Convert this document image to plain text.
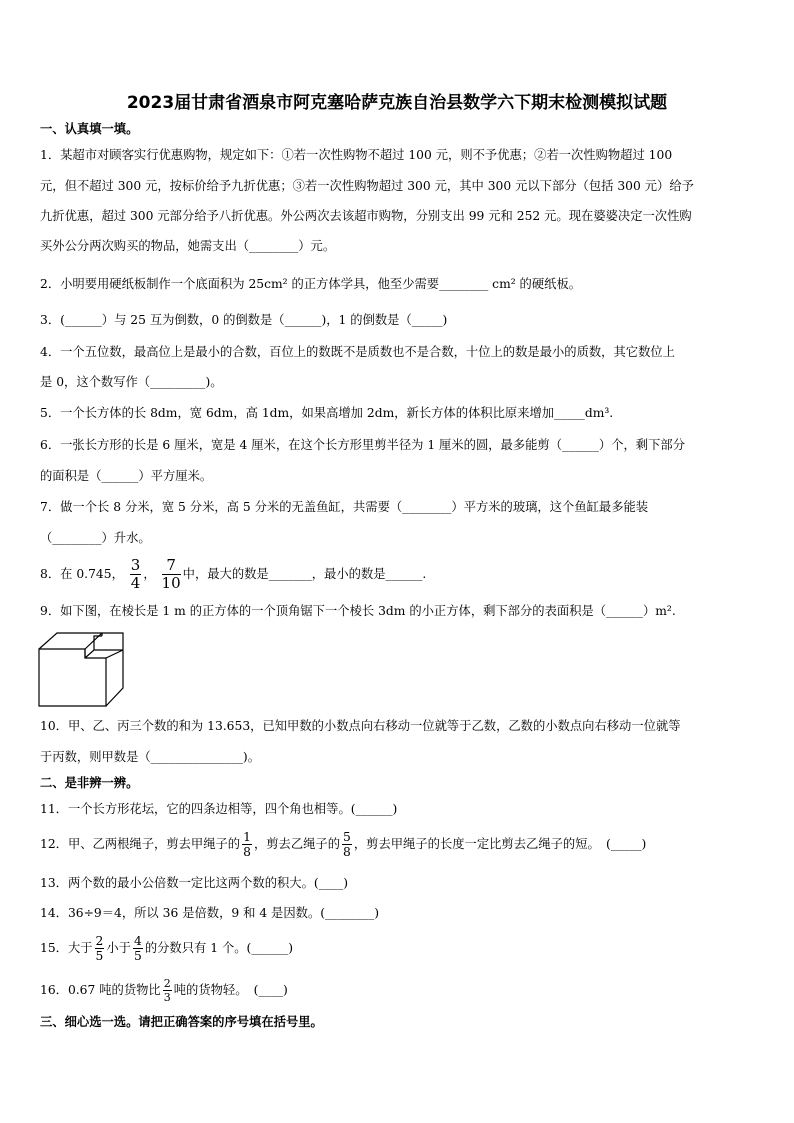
2023届甘肃省酒泉市阿克塞哈萨克族自治县数学六下期末检测模拟试题
一、认真填一填。
1．某超市对顾客实行优惠购物，规定如下：①若一次性购物不超过 100 元，则不予优惠；②若一次性购物超过 100
元，但不超过 300 元，按标价给予九折优惠；③若一次性购物超过 300 元，其中 300 元以下部分（包括 300 元）给予
九折优惠，超过 300 元部分给予八折优惠。外公两次去该超市购物，分别支出 99 元和 252 元。现在婆婆决定一次性购
买外公分两次购买的物品，她需支出（________）元。
2．小明要用硬纸板制作一个底面积为 25cm² 的正方体学具，他至少需要________ cm² 的硬纸板。
3．(______）与 25 互为倒数，0 的倒数是（______)，1 的倒数是（_____)
4．一个五位数，最高位上是最小的合数，百位上的数既不是质数也不是合数，十位上的数是最小的质数，其它数位上
是 0，这个数写作（_________)。
5．一个长方体的长 8dm，宽 6dm，高 1dm，如果高增加 2dm，新长方体的体积比原来增加_____dm³.
6．一张长方形的长是 6 厘米，宽是 4 厘米，在这个长方形里剪半径为 1 厘米的圆，最多能剪（______）个，剩下部分
的面积是（______）平方厘米。
7．做一个长 8 分米，宽 5 分米，高 5 分米的无盖鱼缸，共需要（________）平方米的玻璃，这个鱼缸最多能装
（________）升水。
8．在 0.745， $\frac{3}{4}$ ， $\frac{7}{10}$ 中，最大的数是_______，最小的数是______.
9．如下图，在棱长是 1 m 的正方体的一个顶角锯下一个棱长 3dm 的小正方体，剩下部分的表面积是（______）m².
10．甲、乙、丙三个数的和为 13.653，已知甲数的小数点向右移动一位就等于乙数，乙数的小数点向右移动一位就等
于丙数，则甲数是（_______________)。
二、是非辨一辨。
11．一个长方形花坛，它的四条边相等，四个角也相等。(______)
12．甲、乙两根绳子，剪去甲绳子的 $\frac{1}{8}$ ，剪去乙绳子的 $\frac{5}{8}$ ，剪去甲绳子的长度一定比剪去乙绳子的短。　(_____)
13．两个数的最小公倍数一定比这两个数的积大。(____)
14．36÷9＝4，所以 36 是倍数，9 和 4 是因数。(________)
15．大于 $\frac{2}{5}$ 小于 $\frac{4}{5}$ 的分数只有 1 个。(______)
16．0.67 吨的货物比 $\frac{2}{3}$ 吨的货物轻。　(____)
三、细心选一选。请把正确答案的序号填在括号里。
